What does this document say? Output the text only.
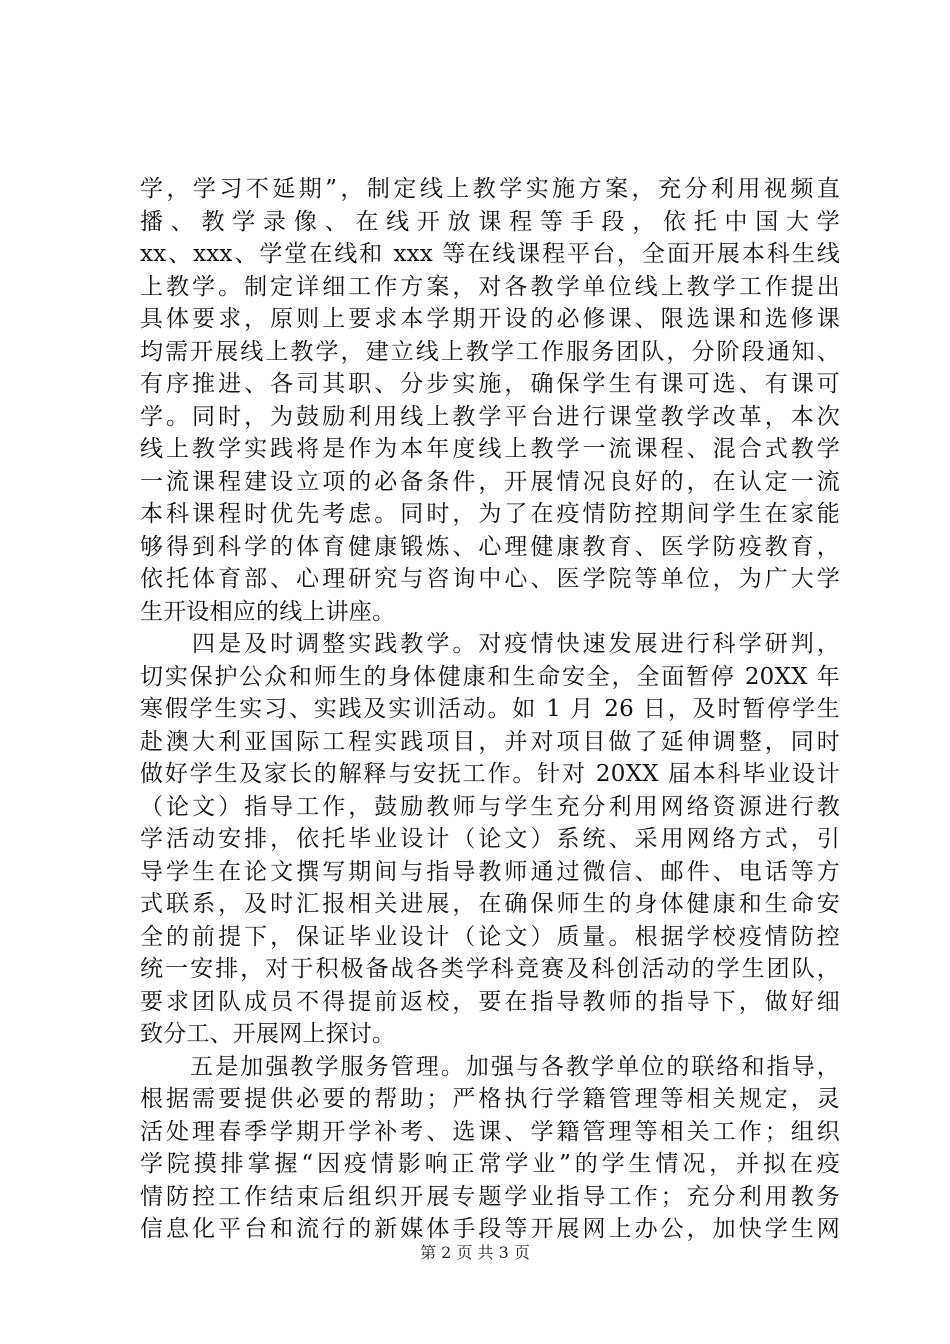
学，学习不延期”，制定线上教学实施方案，充分利用视频直
播、教学录像、在线开放课程等手段，依托中国大学
xx、xxx、学堂在线和 xxx 等在线课程平台，全面开展本科生线
上教学。制定详细工作方案，对各教学单位线上教学工作提出
具体要求，原则上要求本学期开设的必修课、限选课和选修课
均需开展线上教学，建立线上教学工作服务团队，分阶段通知、
有序推进、各司其职、分步实施，确保学生有课可选、有课可
学。同时，为鼓励利用线上教学平台进行课堂教学改革，本次
线上教学实践将是作为本年度线上教学一流课程、混合式教学
一流课程建设立项的必备条件，开展情况良好的，在认定一流
本科课程时优先考虑。同时，为了在疫情防控期间学生在家能
够得到科学的体育健康锻炼、心理健康教育、医学防疫教育，
依托体育部、心理研究与咨询中心、医学院等单位，为广大学
生开设相应的线上讲座。
　　四是及时调整实践教学。对疫情快速发展进行科学研判，
切实保护公众和师生的身体健康和生命安全，全面暂停 20XX 年
寒假学生实习、实践及实训活动。如 1 月 26 日，及时暂停学生
赴澳大利亚国际工程实践项目，并对项目做了延伸调整，同时
做好学生及家长的解释与安抚工作。针对 20XX 届本科毕业设计
（论文）指导工作，鼓励教师与学生充分利用网络资源进行教
学活动安排，依托毕业设计（论文）系统、采用网络方式，引
导学生在论文撰写期间与指导教师通过微信、邮件、电话等方
式联系，及时汇报相关进展，在确保师生的身体健康和生命安
全的前提下，保证毕业设计（论文）质量。根据学校疫情防控
统一安排，对于积极备战各类学科竞赛及科创活动的学生团队，
要求团队成员不得提前返校，要在指导教师的指导下，做好细
致分工、开展网上探讨。
　　五是加强教学服务管理。加强与各教学单位的联络和指导，
根据需要提供必要的帮助；严格执行学籍管理等相关规定，灵
活处理春季学期开学补考、选课、学籍管理等相关工作；组织
学院摸排掌握“因疫情影响正常学业”的学生情况，并拟在疫
情防控工作结束后组织开展专题学业指导工作；充分利用教务
信息化平台和流行的新媒体手段等开展网上办公，加快学生网
第 2 页 共 3 页
